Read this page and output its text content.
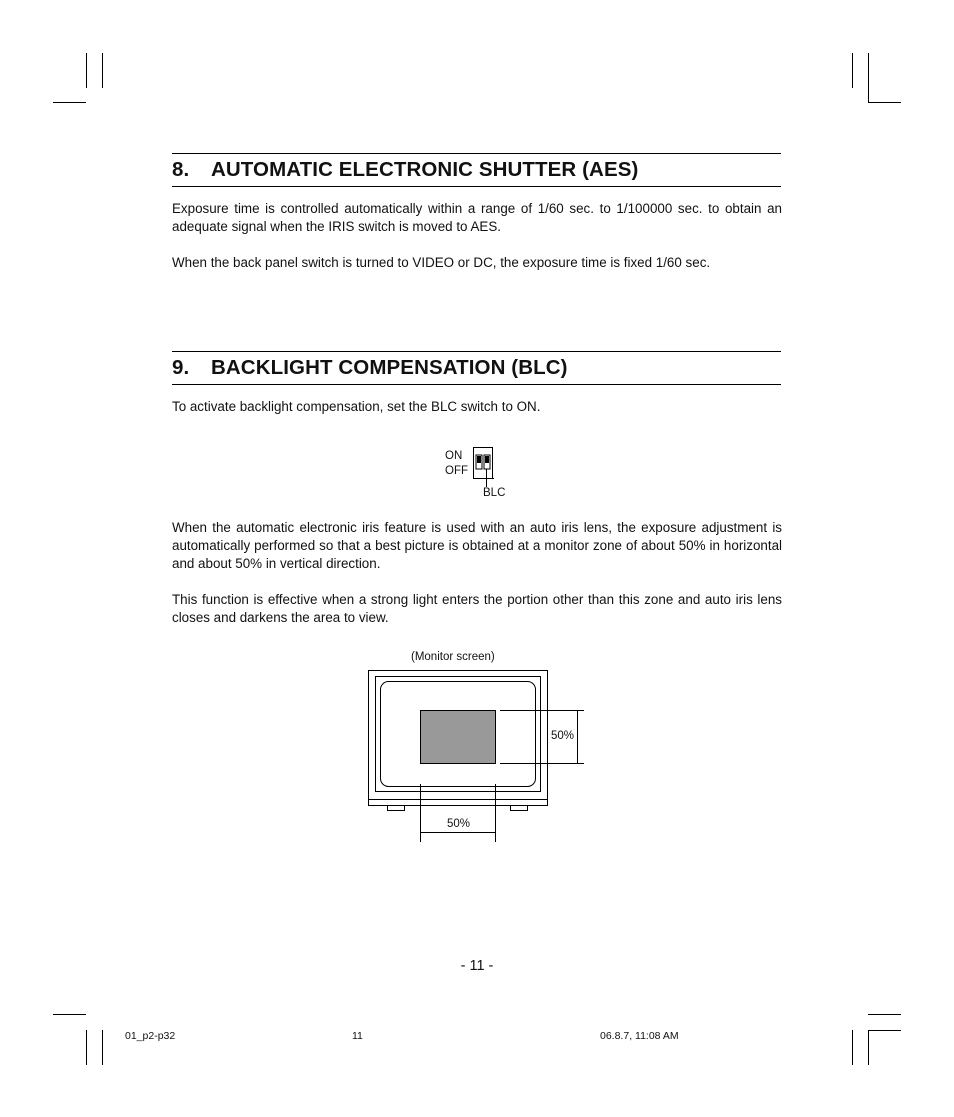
8. AUTOMATIC ELECTRONIC SHUTTER (AES)
Exposure time is controlled automatically within a range of 1/60 sec. to 1/100000 sec. to obtain an adequate signal when the IRIS switch is moved to AES.
When the back panel switch is turned to VIDEO or DC, the exposure time is fixed 1/60 sec.
9. BACKLIGHT COMPENSATION (BLC)
To activate backlight compensation, set the BLC switch to ON.
ON
OFF
BLC
When the automatic electronic iris feature is used with an auto iris lens, the exposure adjustment is automatically performed so that a best picture is obtained at a monitor zone of about 50% in horizontal and about 50% in vertical direction.
This function is effective when a strong light enters the portion other than this zone and auto iris lens closes and darkens the area to view.
(Monitor screen)
50%
50%
- 11 -
01_p2-p32	11	06.8.7, 11:08 AM
